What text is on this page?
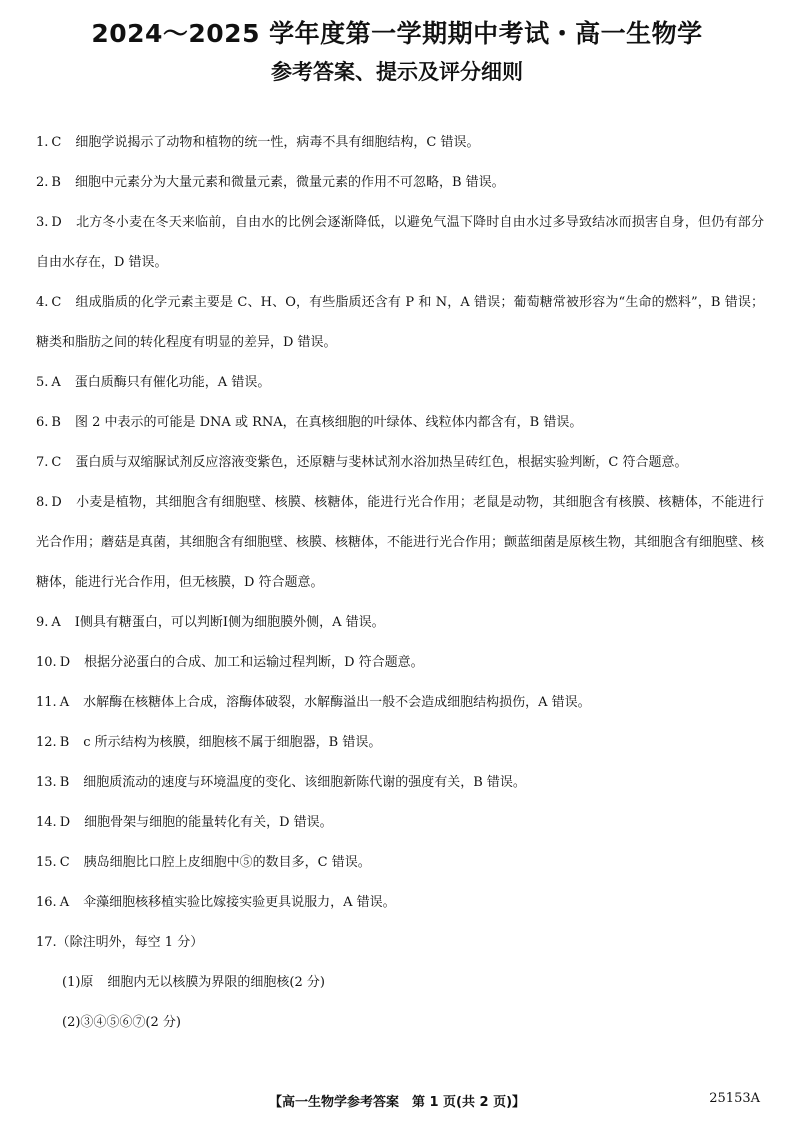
2024～2025 学年度第一学期期中考试・高一生物学
参考答案、提示及评分细则

1. C 细胞学说揭示了动物和植物的统一性，病毒不具有细胞结构，C 错误。

2. B 细胞中元素分为大量元素和微量元素，微量元素的作用不可忽略，B 错误。

3. D 北方冬小麦在冬天来临前，自由水的比例会逐渐降低，以避免气温下降时自由水过多导致结冰而损害自身，但仍有部分自由水存在，D 错误。

4. C 组成脂质的化学元素主要是 C、H、O，有些脂质还含有 P 和 N，A 错误；葡萄糖常被形容为“生命的燃料”，B 错误；糖类和脂肪之间的转化程度有明显的差异，D 错误。

5. A 蛋白质酶只有催化功能，A 错误。

6. B 图 2 中表示的可能是 DNA 或 RNA，在真核细胞的叶绿体、线粒体内都含有，B 错误。

7. C 蛋白质与双缩脲试剂反应溶液变紫色，还原糖与斐林试剂水浴加热呈砖红色，根据实验判断，C 符合题意。

8. D 小麦是植物，其细胞含有细胞壁、核膜、核糖体，能进行光合作用；老鼠是动物，其细胞含有核膜、核糖体，不能进行光合作用；蘑菇是真菌，其细胞含有细胞壁、核膜、核糖体，不能进行光合作用；颤蓝细菌是原核生物，其细胞含有细胞壁、核糖体，能进行光合作用，但无核膜，D 符合题意。

9. A Ⅰ侧具有糖蛋白，可以判断Ⅰ侧为细胞膜外侧，A 错误。

10. D 根据分泌蛋白的合成、加工和运输过程判断，D 符合题意。

11. A 水解酶在核糖体上合成，溶酶体破裂，水解酶溢出一般不会造成细胞结构损伤，A 错误。

12. B c 所示结构为核膜，细胞核不属于细胞器，B 错误。

13. B 细胞质流动的速度与环境温度的变化、该细胞新陈代谢的强度有关，B 错误。

14. D 细胞骨架与细胞的能量转化有关，D 错误。

15. C 胰岛细胞比口腔上皮细胞中⑤的数目多，C 错误。

16. A 伞藻细胞核移植实验比嫁接实验更具说服力，A 错误。

17.（除注明外，每空 1 分）

(1)原 细胞内无以核膜为界限的细胞核(2 分)

(2)③④⑤⑥⑦(2 分)

【高一生物学参考答案　第 1 页(共 2 页)】	25153A
